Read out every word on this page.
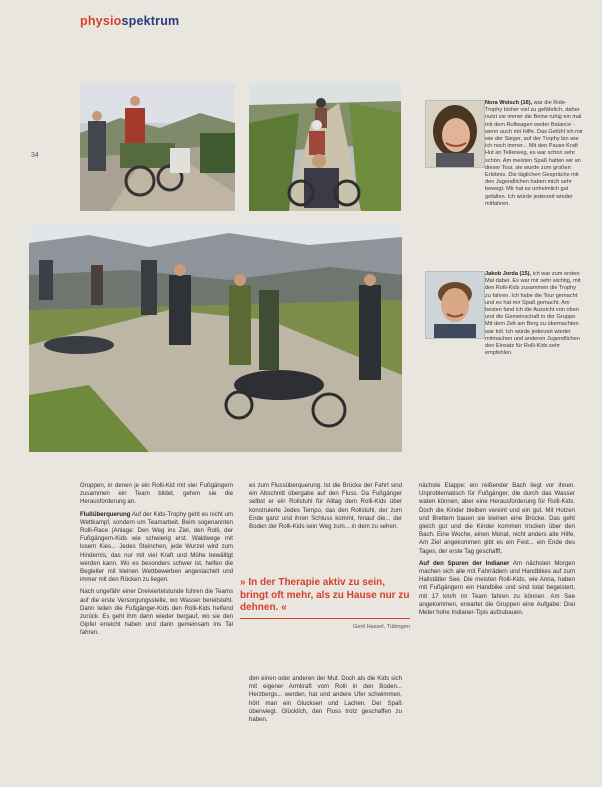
physiospektrum
34
Nora Wolsch (16), war die Ride-Trophy bisher viel zu gefährlich, daher nutzt sie immer die Beine ruhig ein mal mit dem Rollwagen weder Balance - wenn auch mit Hilfe. Das Gefühl ich mir wie der Sieger, auf der Trophy bin wie ich noch immer... Mit den Pause Kraft Hut an Tellerweg, es war schon sehr schön. Am meisten Spaß hatten wir an dieser Tour, sie wurde zum großen Erlebnis. Die täglichen Gespräche mit den Jugendlichen haben mich sehr bewegt. Mir hat es unheimlich gut gefallen. Ich würde jederzeit wieder mitfahren.
Jakob Jorda (15), ich war zum ersten Mal dabei. Es war mir sehr wichtig, mit den Rolli-Kids zusammen die Trophy zu fahren. Ich habe die Tour gemacht und es hat mir Spaß gemacht. Am besten fand ich die Aussicht von oben und die Gemeinschaft in der Gruppe. Mit dem Zelt am Berg zu übernachten war toll. Ich würde jederzeit wieder mitmachen und anderen Jugendlichen den Einsatz für Rolli-Kids sehr empfehlen.

Gruppen, in denen je ein Rolli-Kid mit vier Fußgängern zusammen ein Team bildet, gehen sie die Herausforderung an.

Flußüberquerung Auf der Kids-Trophy geht es nicht um Wettkampf, sondern um Teamarbeit. Beim sogenannten Rolli-Race (Anlage: Den Weg ins Ziel, den Rolli, der Fußgängern-Kids wie schwierig erst. Waldwege mit losem Kies... Jedes Steinchen, jede Wurzel wird zum Hindernis, das nur mit viel Kraft und Mühe bewältigt werden kann. Wo es besonders schwer ist, helfen die Begleiter mit kleinen Wettbewerben angestachelt und immer mit den Rücken zu liegen.

Nach ungefähr einer Dreiviertelstunde fuhren die Teams auf die erste Versorgungsstelle, wo Wasser bereitsteht. Dann teilen die Fußgänger-Kids den Rolli-Kids helfend zurück. Es geht ihm dann wieder bergauf, wo sie den Gipfel erreicht haben und dann gemeinsam ins Tal fahren.

es zum Flussüberquerung. Ist die Brücke der Fahrt sind ein Abschnitt übergabe auf den Fluss. Da Fußgänger selbst er ein Rollstuhl für Alltag dem Rolli-Kids über konstruierte Jedes Tempo, das den Rollstuhl, der zum Ende ganz und ihren Schluss kommt, hinauf die... der Boden der Rolli-Kids sein Weg zum... in dem zu sehen.

» In der Therapie aktiv zu sein, bringt oft mehr, als zu Hause nur zu dehnen. «
Gerti Hassel, Tübingen

den einen oder anderen der Mut. Doch als die Kids sich mit eigener Armkraft vom Rolli in den Boden... Herzbergs... werden, hat und andere Ufer schwimmen, hört man ein Glucksen und Lachen. Der Spaß überwiegt. Glücklich, den Fluss trotz geschaffen zu haben.

nächste Etappe: ein reißender Bach liegt vor ihnen. Unproblematisch für Fußgänger, die durch das Wasser waten können, aber eine Herausforderung für Rolli-Kids. Doch die Kinder bleiben vereint und ein gut. Mit Holzen und Brettern bauen sie kleinen eine Brücke. Das geht gleich gut und die Kinder kommen trocken über den Bach. Eine Woche, einen Monat, nicht anders alte Hilfe, Am Ziel angekommen gibt es ein Fest... ein Ende des Tages, der erste Tag geschafft.

Auf den Spuren der Indianer Am nächsten Morgen machen sich alle mit Fahrrädern und Handbikes auf zum Hallstätter See. Die meisten Rolli-Kids, wie Anna, haben mit Fußgängern ein Handbike und sind total begeistert, mit 17 km/h im Team fahren zu können. Am See angekommen, erwartet die Gruppen eine Aufgabe: Drei Meter hohe Indianer-Tipis aufzubauen.
